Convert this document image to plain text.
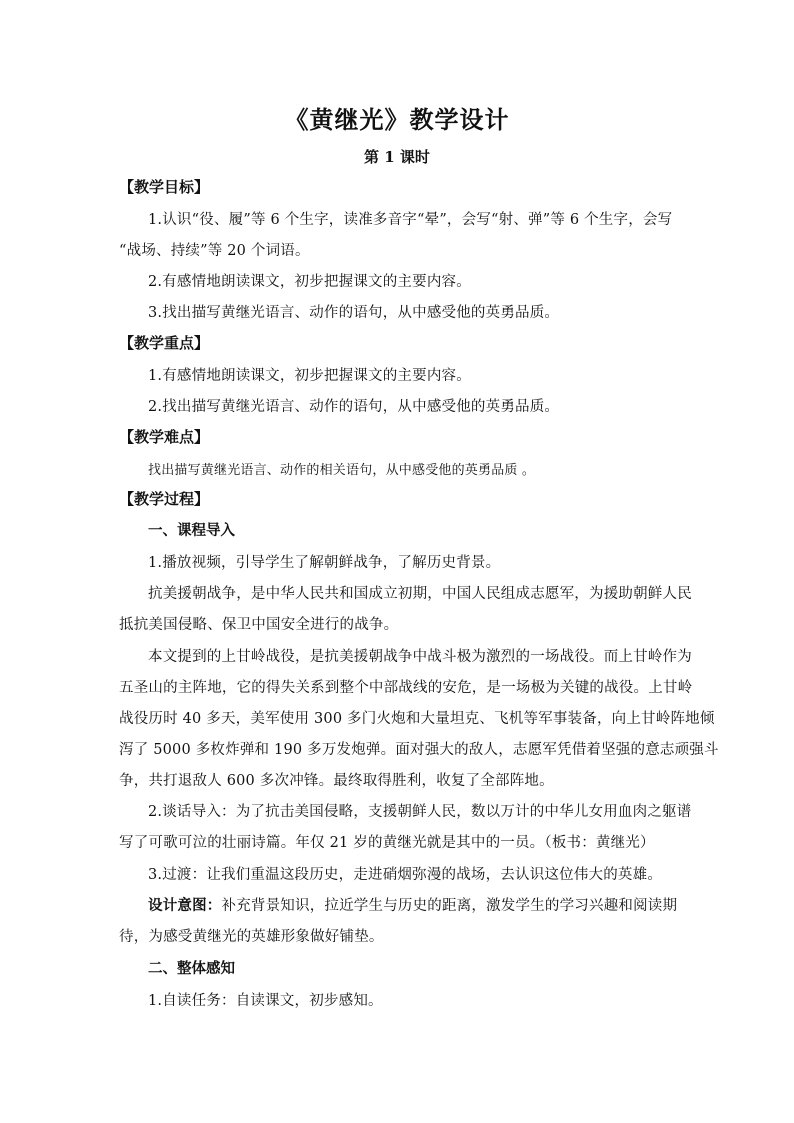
《黄继光》教学设计
第 1 课时
【教学目标】
1.认识“役、履”等 6 个生字，读准多音字“晕”，会写“射、弹”等 6 个生字，会写
“战场、持续”等 20 个词语。
2.有感情地朗读课文，初步把握课文的主要内容。
3.找出描写黄继光语言、动作的语句，从中感受他的英勇品质。
【教学重点】
1.有感情地朗读课文，初步把握课文的主要内容。
2.找出描写黄继光语言、动作的语句，从中感受他的英勇品质。
【教学难点】
找出描写黄继光语言、动作的相关语句，从中感受他的英勇品质 。
【教学过程】
一、课程导入
1.播放视频，引导学生了解朝鲜战争，了解历史背景。
抗美援朝战争，是中华人民共和国成立初期，中国人民组成志愿军，为援助朝鲜人民
抵抗美国侵略、保卫中国安全进行的战争。
本文提到的上甘岭战役，是抗美援朝战争中战斗极为激烈的一场战役。而上甘岭作为
五圣山的主阵地，它的得失关系到整个中部战线的安危，是一场极为关键的战役。上甘岭
战役历时 40 多天，美军使用 300 多门火炮和大量坦克、飞机等军事装备，向上甘岭阵地倾
泻了 5000 多枚炸弹和 190 多万发炮弹。面对强大的敌人，志愿军凭借着坚强的意志顽强斗
争，共打退敌人 600 多次冲锋。最终取得胜利，收复了全部阵地。
2.谈话导入：为了抗击美国侵略，支援朝鲜人民，数以万计的中华儿女用血肉之躯谱
写了可歌可泣的壮丽诗篇。年仅 21 岁的黄继光就是其中的一员。（板书：黄继光）
3.过渡：让我们重温这段历史，走进硝烟弥漫的战场，去认识这位伟大的英雄。
设计意图：补充背景知识，拉近学生与历史的距离，激发学生的学习兴趣和阅读期
待，为感受黄继光的英雄形象做好铺垫。
二、整体感知
1.自读任务：自读课文，初步感知。
